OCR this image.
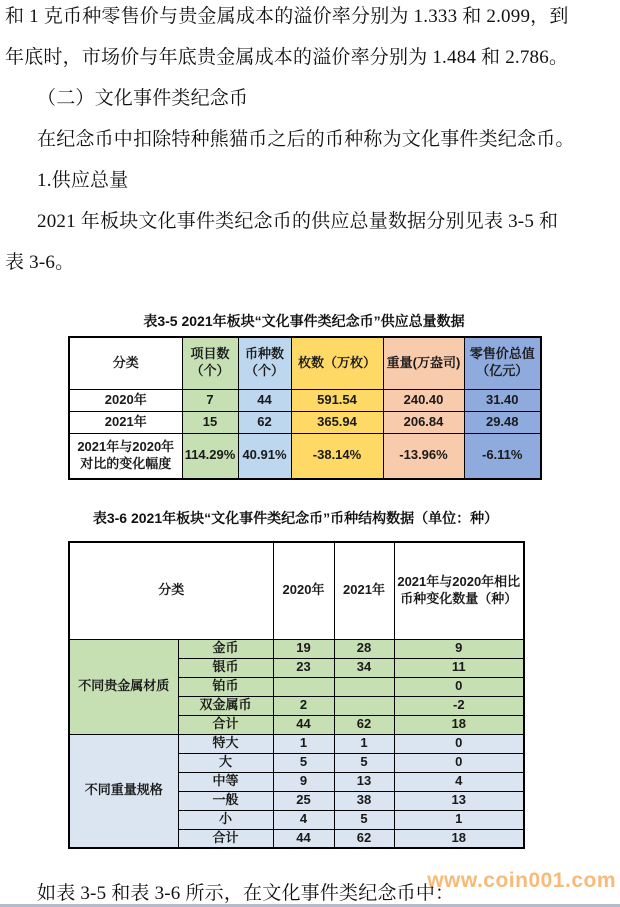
和 1 克币种零售价与贵金属成本的溢价率分别为 1.333 和 2.099，到
年底时，市场价与年底贵金属成本的溢价率分别为 1.484 和 2.786。
（二）文化事件类纪念币
在纪念币中扣除特种熊猫币之后的币种称为文化事件类纪念币。
1.供应总量
2021 年板块文化事件类纪念币的供应总量数据分别见表 3-5 和
表 3-6。
表3-5 2021年板块“文化事件类纪念币”供应总量数据
分类	项目数（个）	币种数（个）	枚数（万枚）	重量(万盎司)	零售价总值（亿元）
2020年	7	44	591.54	240.40	31.40
2021年	15	62	365.94	206.84	29.48
2021年与2020年对比的变化幅度	114.29%	40.91%	-38.14%	-13.96%	-6.11%
表3-6 2021年板块“文化事件类纪念币”币种结构数据（单位：种）
分类		2020年	2021年	2021年与2020年相比币种变化数量（种）
不同贵金属材质	金币	19	28	9
	银币	23	34	11
	铂币			0
	双金属币	2		-2
	合计	44	62	18
不同重量规格	特大	1	1	0
	大	5	5	0
	中等	9	13	4
	一般	25	38	13
	小	4	5	1
	合计	44	62	18
www.coin001.com
如表 3-5 和表 3-6 所示，在文化事件类纪念币中：
